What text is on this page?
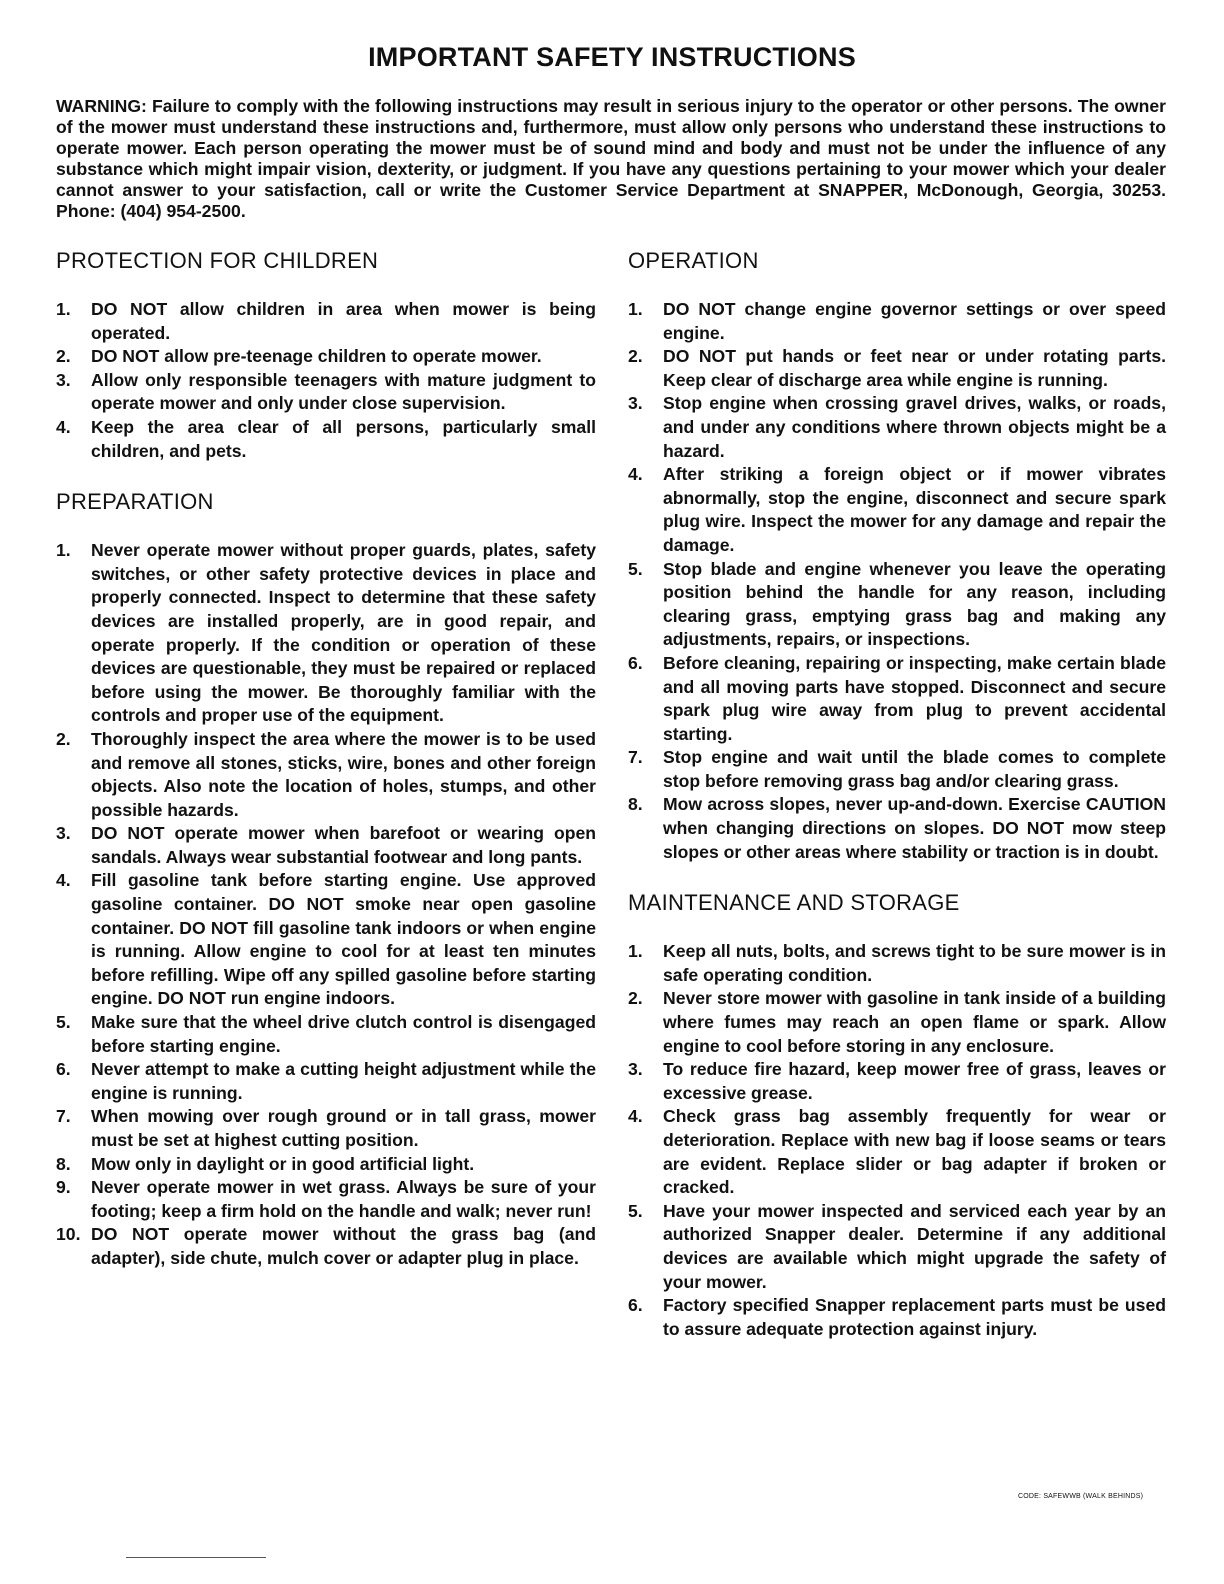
IMPORTANT SAFETY INSTRUCTIONS

WARNING: Failure to comply with the following instructions may result in serious injury to the operator or other persons. The owner of the mower must understand these instructions and, furthermore, must allow only persons who understand these instructions to operate mower. Each person operating the mower must be of sound mind and body and must not be under the influence of any substance which might impair vision, dexterity, or judgment. If you have any questions pertaining to your mower which your dealer cannot answer to your satisfaction, call or write the Customer Service Department at SNAPPER, McDonough, Georgia, 30253. Phone: (404) 954-2500.

PROTECTION FOR CHILDREN
1.	DO NOT allow children in area when mower is being operated.
2.	DO NOT allow pre-teenage children to operate mower.
3.	Allow only responsible teenagers with mature judgment to operate mower and only under close supervision.
4.	Keep the area clear of all persons, particularly small children, and pets.
PREPARATION
1.	Never operate mower without proper guards, plates, safety switches, or other safety protective devices in place and properly connected. Inspect to determine that these safety devices are installed properly, are in good repair, and operate properly. If the condition or operation of these devices are questionable, they must be repaired or replaced before using the mower. Be thoroughly familiar with the controls and proper use of the equipment.
2.	Thoroughly inspect the area where the mower is to be used and remove all stones, sticks, wire, bones and other foreign objects. Also note the location of holes, stumps, and other possible hazards.
3.	DO NOT operate mower when barefoot or wearing open sandals. Always wear substantial footwear and long pants.
4.	Fill gasoline tank before starting engine. Use approved gasoline container. DO NOT smoke near open gasoline container. DO NOT fill gasoline tank indoors or when engine is running. Allow engine to cool for at least ten minutes before refilling. Wipe off any spilled gasoline before starting engine. DO NOT run engine indoors.
5.	Make sure that the wheel drive clutch control is disengaged before starting engine.
6.	Never attempt to make a cutting height adjustment while the engine is running.
7.	When mowing over rough ground or in tall grass, mower must be set at highest cutting position.
8.	Mow only in daylight or in good artificial light.
9.	Never operate mower in wet grass. Always be sure of your footing; keep a firm hold on the handle and walk; never run!
10. DO NOT operate mower without the grass bag (and adapter), side chute, mulch cover or adapter plug in place.
OPERATION
1.	DO NOT change engine governor settings or over speed engine.
2.	DO NOT put hands or feet near or under rotating parts. Keep clear of discharge area while engine is running.
3.	Stop engine when crossing gravel drives, walks, or roads, and under any conditions where thrown objects might be a hazard.
4.	After striking a foreign object or if mower vibrates abnormally, stop the engine, disconnect and secure spark plug wire. Inspect the mower for any damage and repair the damage.
5.	Stop blade and engine whenever you leave the operating position behind the handle for any reason, including clearing grass, emptying grass bag and making any adjustments, repairs, or inspections.
6.	Before cleaning, repairing or inspecting, make certain blade and all moving parts have stopped. Disconnect and secure spark plug wire away from plug to prevent accidental starting.
7.	Stop engine and wait until the blade comes to complete stop before removing grass bag and/or clearing grass.
8.	Mow across slopes, never up-and-down. Exercise CAUTION when changing directions on slopes. DO NOT mow steep slopes or other areas where stability or traction is in doubt.
MAINTENANCE AND STORAGE
1.	Keep all nuts, bolts, and screws tight to be sure mower is in safe operating condition.
2.	Never store mower with gasoline in tank inside of a building where fumes may reach an open flame or spark. Allow engine to cool before storing in any enclosure.
3.	To reduce fire hazard, keep mower free of grass, leaves or excessive grease.
4.	Check grass bag assembly frequently for wear or deterioration. Replace with new bag if loose seams or tears are evident. Replace slider or bag adapter if broken or cracked.
5.	Have your mower inspected and serviced each year by an authorized Snapper dealer. Determine if any additional devices are available which might upgrade the safety of your mower.
6.	Factory specified Snapper replacement parts must be used to assure adequate protection against injury.
CODE: SAFEWWB (WALK BEHINDS)
